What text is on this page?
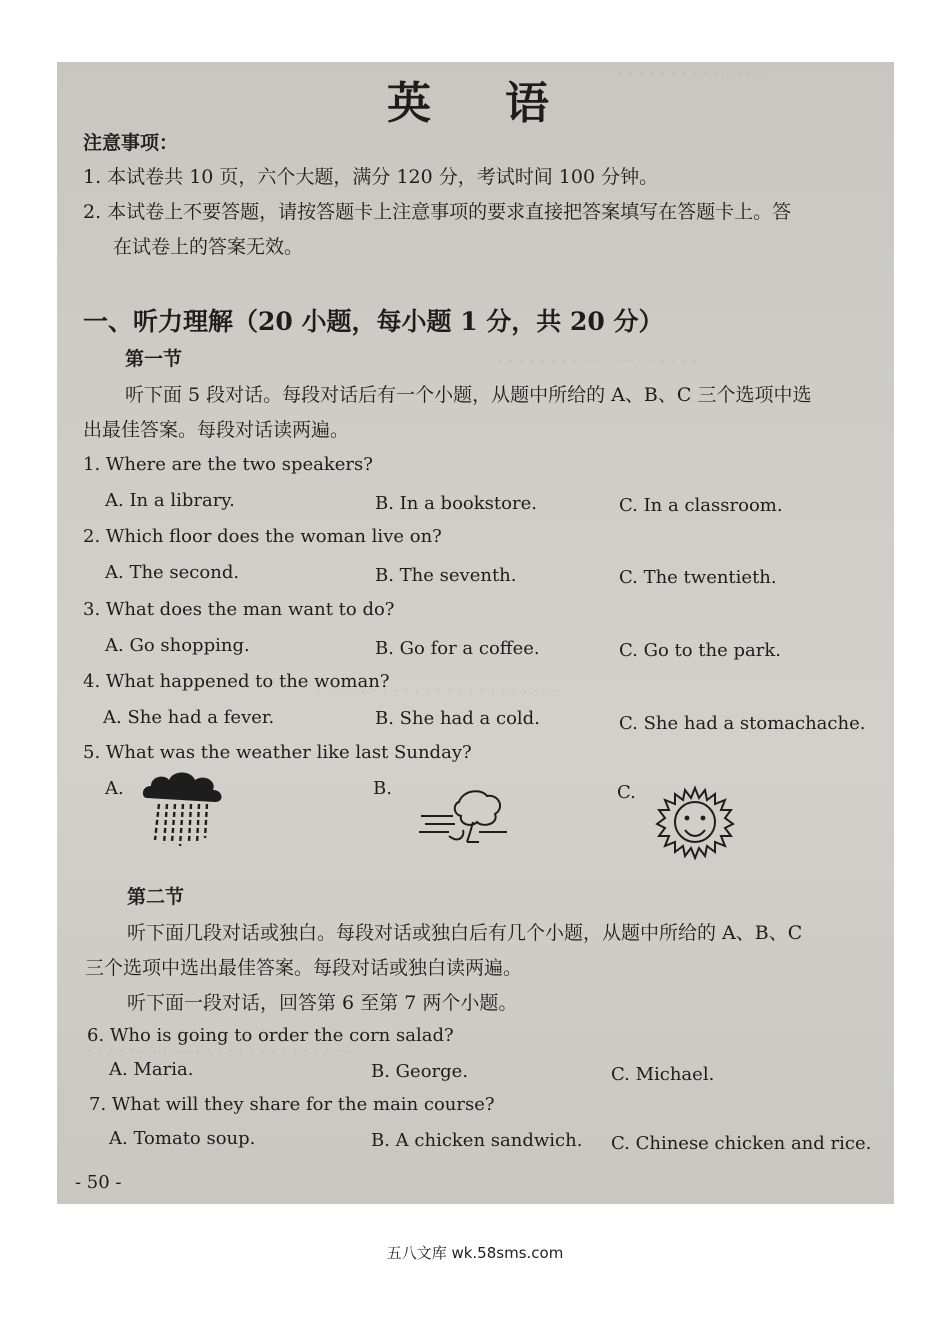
· · · · · · · · · · · · · ·
· · · · · · · · · · · · · · · · · · ·
· · · · · · · · · · · · · · · · · · · · · · ·
· · · · · · · · · · · · · · · · · · · · · · · · · ·
英 语
注意事项：
1. 本试卷共 10 页，六个大题，满分 120 分，考试时间 100 分钟。
2. 本试卷上不要答题，请按答题卡上注意事项的要求直接把答案填写在答题卡上。答
在试卷上的答案无效。
一、听力理解（20 小题，每小题 1 分，共 20 分）
第一节
听下面 5 段对话。每段对话后有一个小题，从题中所给的 A、B、C 三个选项中选
出最佳答案。每段对话读两遍。
1. Where are the two speakers?
A. In a library.	B. In a bookstore.	C. In a classroom.
2. Which floor does the woman live on?
A. The second.	B. The seventh.	C. The twentieth.
3. What does the man want to do?
A. Go shopping.	B. Go for a coffee.	C. Go to the park.
4. What happened to the woman?
A. She had a fever.	B. She had a cold.	C. She had a stomachache.
5. What was the weather like last Sunday?
A.	B.	C.
第二节
听下面几段对话或独白。每段对话或独白后有几个小题，从题中所给的 A、B、C
三个选项中选出最佳答案。每段对话或独白读两遍。
听下面一段对话，回答第 6 至第 7 两个小题。
6. Who is going to order the corn salad?
A. Maria.	B. George.	C. Michael.
7. What will they share for the main course?
A. Tomato soup.	B. A chicken sandwich. C. Chinese chicken and rice.
- 50 -
五八文库 wk.58sms.com
